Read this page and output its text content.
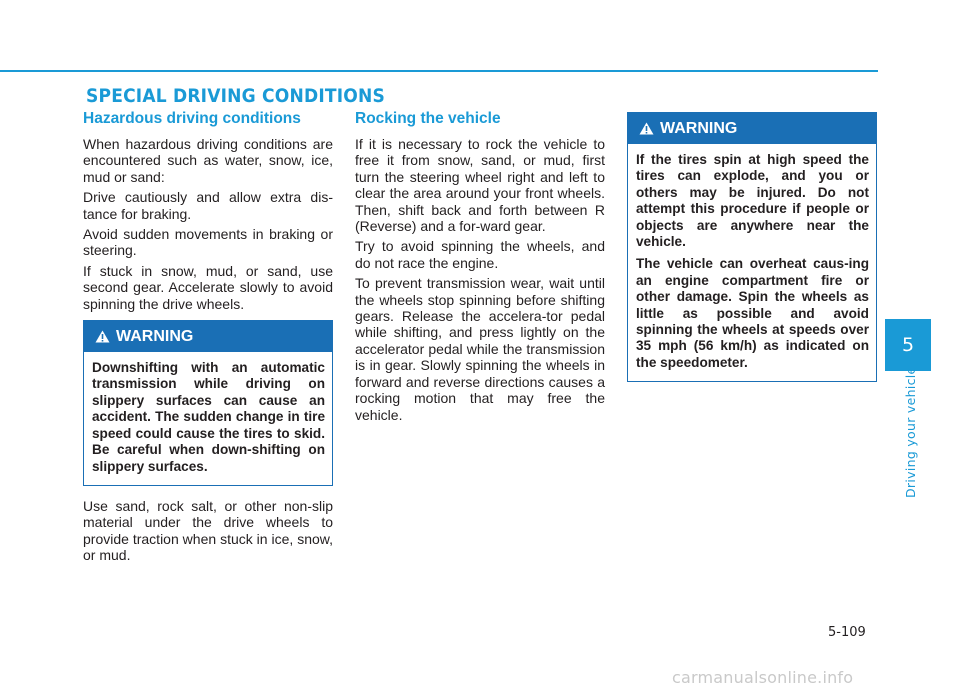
SPECIAL DRIVING CONDITIONS
Hazardous driving conditions

When hazardous driving conditions are encountered such as water, snow, ice, mud or sand:

Drive cautiously and allow extra dis-tance for braking.

Avoid sudden movements in braking or steering.

If stuck in snow, mud, or sand, use second gear. Accelerate slowly to avoid spinning the drive wheels.

WARNING

Downshifting with an automatic transmission while driving on slippery surfaces can cause an accident. The sudden change in tire speed could cause the tires to skid. Be careful when down-shifting on slippery surfaces.

Use sand, rock salt, or other non-slip material under the drive wheels to provide traction when stuck in ice, snow, or mud.

Rocking the vehicle

If it is necessary to rock the vehicle to free it from snow, sand, or mud, first turn the steering wheel right and left to clear the area around your front wheels. Then, shift back and forth between R (Reverse) and a for-ward gear.

Try to avoid spinning the wheels, and do not race the engine.

To prevent transmission wear, wait until the wheels stop spinning before shifting gears. Release the accelera-tor pedal while shifting, and press lightly on the accelerator pedal while the transmission is in gear. Slowly spinning the wheels in forward and reverse directions causes a rocking motion that may free the vehicle.

WARNING

If the tires spin at high speed the tires can explode, and you or others may be injured. Do not attempt this procedure if people or objects are anywhere near the vehicle.

The vehicle can overheat caus-ing an engine compartment fire or other damage. Spin the wheels as little as possible and avoid spinning the wheels at speeds over 35 mph (56 km/h) as indicated on the speedometer.

5
Driving your vehicle
5-109
carmanualsonline.info
